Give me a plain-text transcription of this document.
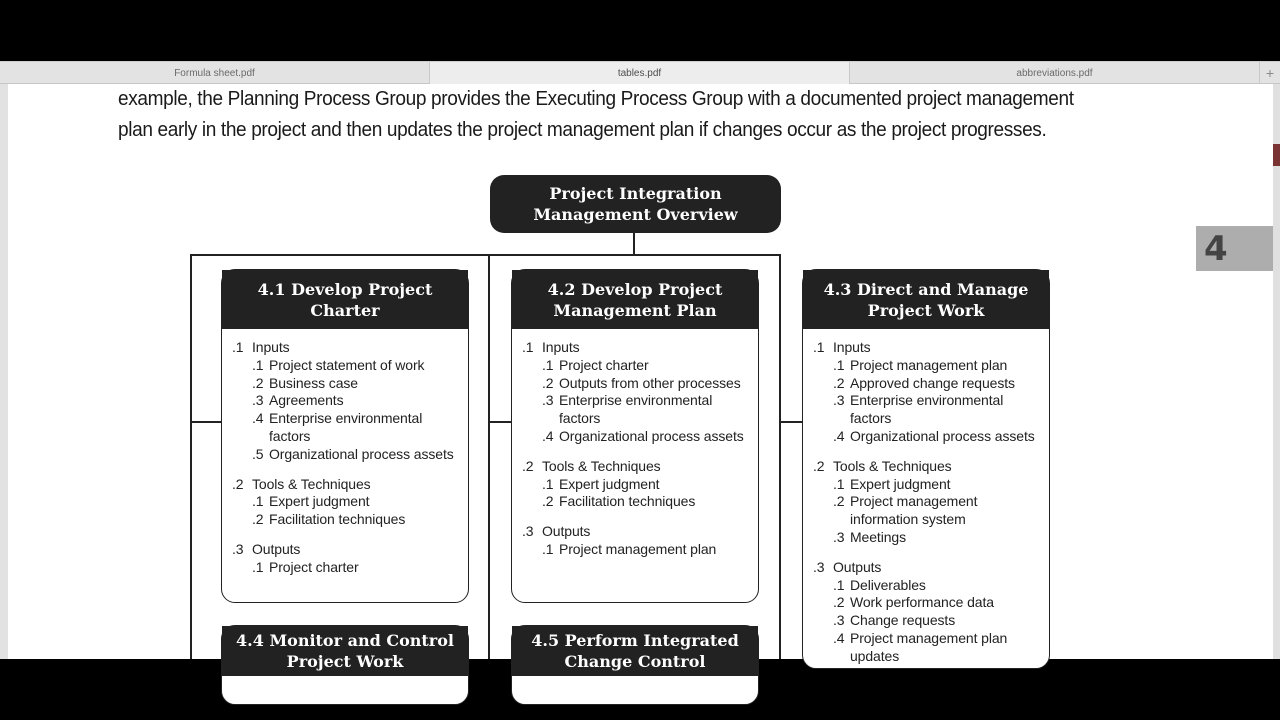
Formula sheet.pdf	tables.pdf	abbreviations.pdf	+
example, the Planning Process Group provides the Executing Process Group with a documented project management
plan early in the project and then updates the project management plan if changes occur as the project progresses.
4
Project Integration Management Overview
4.1 Develop Project Charter
.1 Inputs
.1 Project statement of work
.2 Business case
.3 Agreements
.4 Enterprise environmental factors
.5 Organizational process assets
.2 Tools & Techniques
.1 Expert judgment
.2 Facilitation techniques
.3 Outputs
.1 Project charter
4.2 Develop Project Management Plan
.1 Inputs
.1 Project charter
.2 Outputs from other processes
.3 Enterprise environmental factors
.4 Organizational process assets
.2 Tools & Techniques
.1 Expert judgment
.2 Facilitation techniques
.3 Outputs
.1 Project management plan
4.3 Direct and Manage Project Work
.1 Inputs
.1 Project management plan
.2 Approved change requests
.3 Enterprise environmental factors
.4 Organizational process assets
.2 Tools & Techniques
.1 Expert judgment
.2 Project management information system
.3 Meetings
.3 Outputs
.1 Deliverables
.2 Work performance data
.3 Change requests
.4 Project management plan updates
4.4 Monitor and Control Project Work
4.5 Perform Integrated Change Control
